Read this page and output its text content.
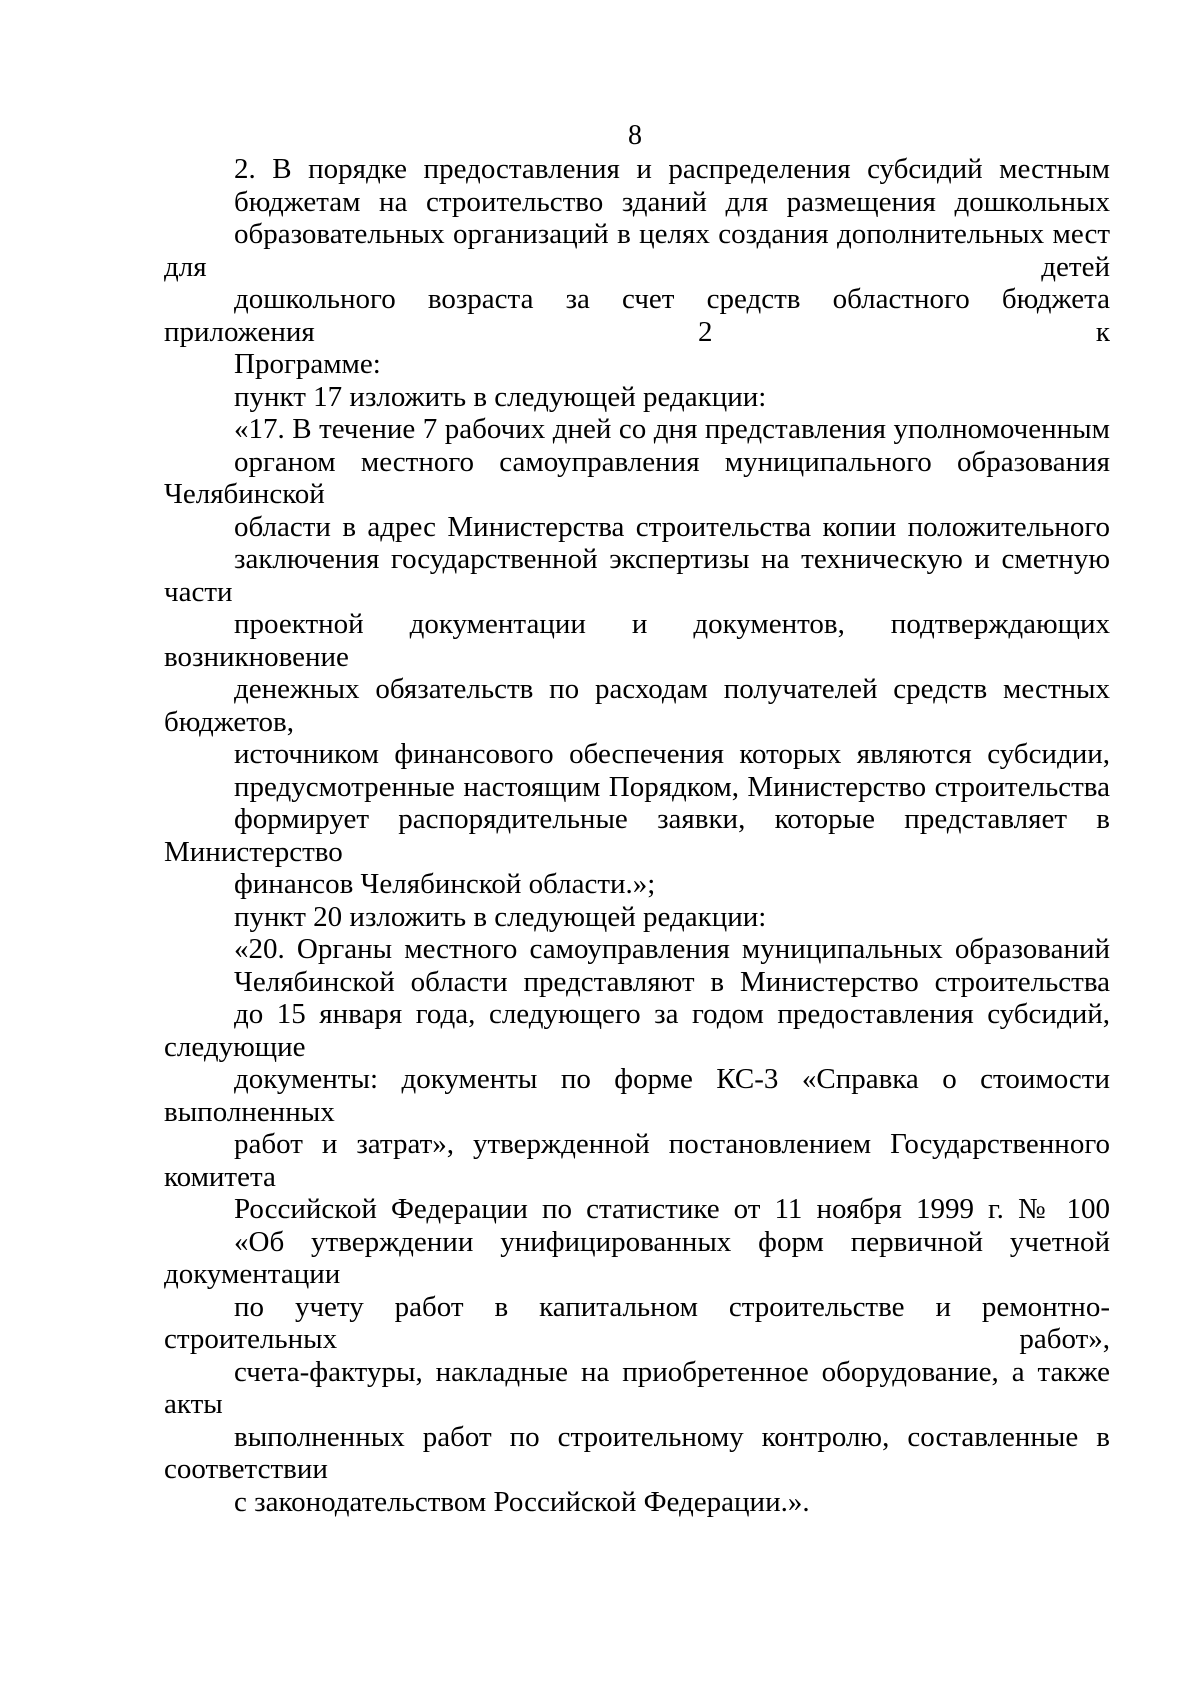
8
2. В порядке предоставления и распределения субсидий местным
бюджетам на строительство зданий для размещения дошкольных
образовательных организаций в целях создания дополнительных мест для детей
дошкольного возраста за счет средств областного бюджета приложения 2 к
Программе:
пункт 17 изложить в следующей редакции:
«17. В течение 7 рабочих дней со дня представления уполномоченным
органом местного самоуправления муниципального образования Челябинской
области в адрес Министерства строительства копии положительного
заключения государственной экспертизы на техническую и сметную части
проектной документации и документов, подтверждающих возникновение
денежных обязательств по расходам получателей средств местных бюджетов,
источником финансового обеспечения которых являются субсидии,
предусмотренные настоящим Порядком, Министерство строительства
формирует распорядительные заявки, которые представляет в Министерство
финансов Челябинской области.»;
пункт 20 изложить в следующей редакции:
«20. Органы местного самоуправления муниципальных образований
Челябинской области представляют в Министерство строительства
до 15 января года, следующего за годом предоставления субсидий, следующие
документы: документы по форме КС-3 «Справка о стоимости выполненных
работ и затрат», утвержденной постановлением Государственного комитета
Российской Федерации по статистике от 11 ноября 1999 г. № 100
«Об утверждении унифицированных форм первичной учетной документации
по учету работ в капитальном строительстве и ремонтно-строительных работ»,
счета-фактуры, накладные на приобретенное оборудование, а также акты
выполненных работ по строительному контролю, составленные в соответствии
с законодательством Российской Федерации.».
